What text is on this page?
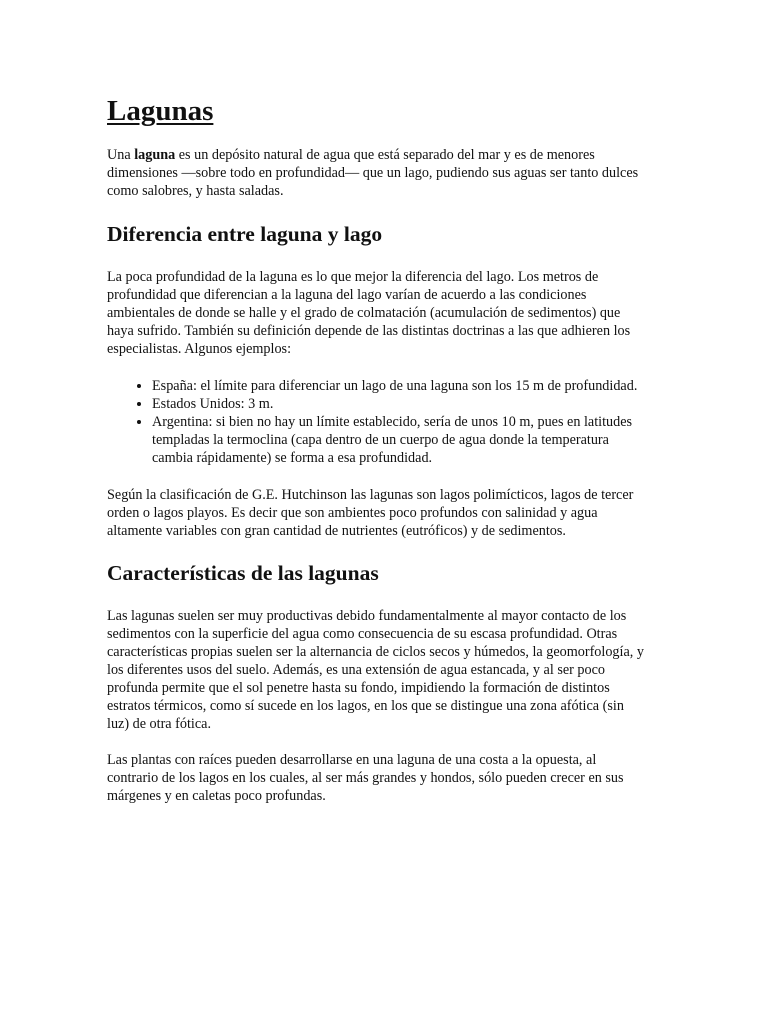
Lagunas

Una laguna es un depósito natural de agua que está separado del mar y es de menores dimensiones —sobre todo en profundidad— que un lago, pudiendo sus aguas ser tanto dulces como salobres, y hasta saladas.

Diferencia entre laguna y lago

La poca profundidad de la laguna es lo que mejor la diferencia del lago. Los metros de profundidad que diferencian a la laguna del lago varían de acuerdo a las condiciones ambientales de donde se halle y el grado de colmatación (acumulación de sedimentos) que haya sufrido. También su definición depende de las distintas doctrinas a las que adhieren los especialistas. Algunos ejemplos:

• España: el límite para diferenciar un lago de una laguna son los 15 m de profundidad.
• Estados Unidos: 3 m.
• Argentina: si bien no hay un límite establecido, sería de unos 10 m, pues en latitudes templadas la termoclina (capa dentro de un cuerpo de agua donde la temperatura cambia rápidamente) se forma a esa profundidad.

Según la clasificación de G.E. Hutchinson las lagunas son lagos polimícticos, lagos de tercer orden o lagos playos. Es decir que son ambientes poco profundos con salinidad y agua altamente variables con gran cantidad de nutrientes (eutróficos) y de sedimentos.

Características de las lagunas

Las lagunas suelen ser muy productivas debido fundamentalmente al mayor contacto de los sedimentos con la superficie del agua como consecuencia de su escasa profundidad. Otras características propias suelen ser la alternancia de ciclos secos y húmedos, la geomorfología, y los diferentes usos del suelo. Además, es una extensión de agua estancada, y al ser poco profunda permite que el sol penetre hasta su fondo, impidiendo la formación de distintos estratos térmicos, como sí sucede en los lagos, en los que se distingue una zona afótica (sin luz) de otra fótica.

Las plantas con raíces pueden desarrollarse en una laguna de una costa a la opuesta, al contrario de los lagos en los cuales, al ser más grandes y hondos, sólo pueden crecer en sus márgenes y en caletas poco profundas.
